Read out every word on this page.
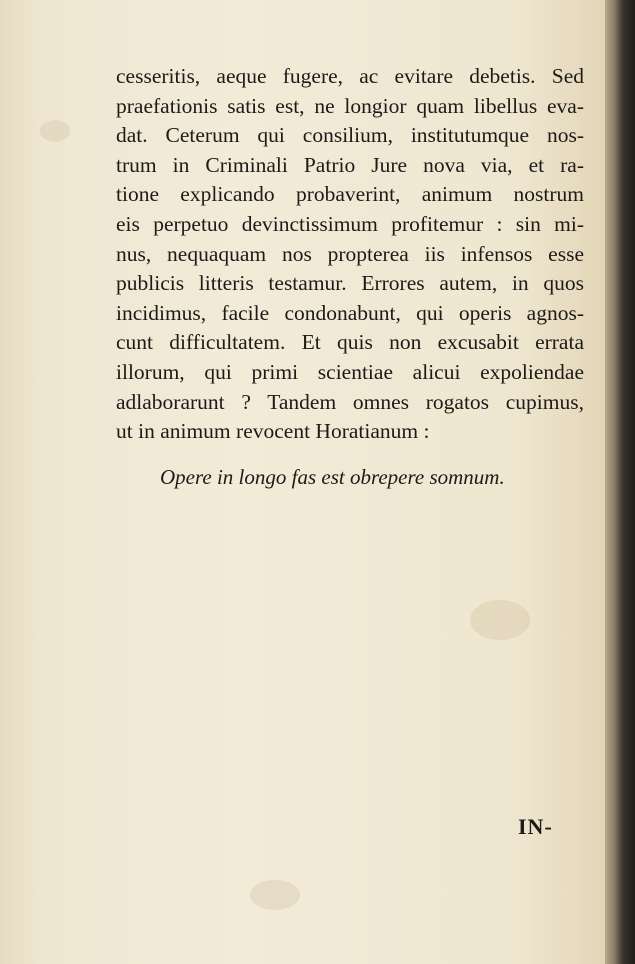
cesseritis, aeque fugere, ac evitare debetis. Sed
praefationis satis est, ne longior quam libellus eva-
dat. Ceterum qui consilium, institutumque nos-
trum in Criminali Patrio Jure nova via, et ra-
tione explicando probaverint, animum nostrum
eis perpetuo devinctissimum profitemur : sin mi-
nus, nequaquam nos propterea iis infensos esse
publicis litteris testamur. Errores autem, in quos
incidimus, facile condonabunt, qui operis agnos-
cunt difficultatem. Et quis non excusabit errata
illorum, qui primi scientiae alicui expoliendae
adlaborarunt ? Tandem omnes rogatos cupimus,
ut in animum revocent Horatianum :
Opere in longo fas est obrepere somnum.
IN-
